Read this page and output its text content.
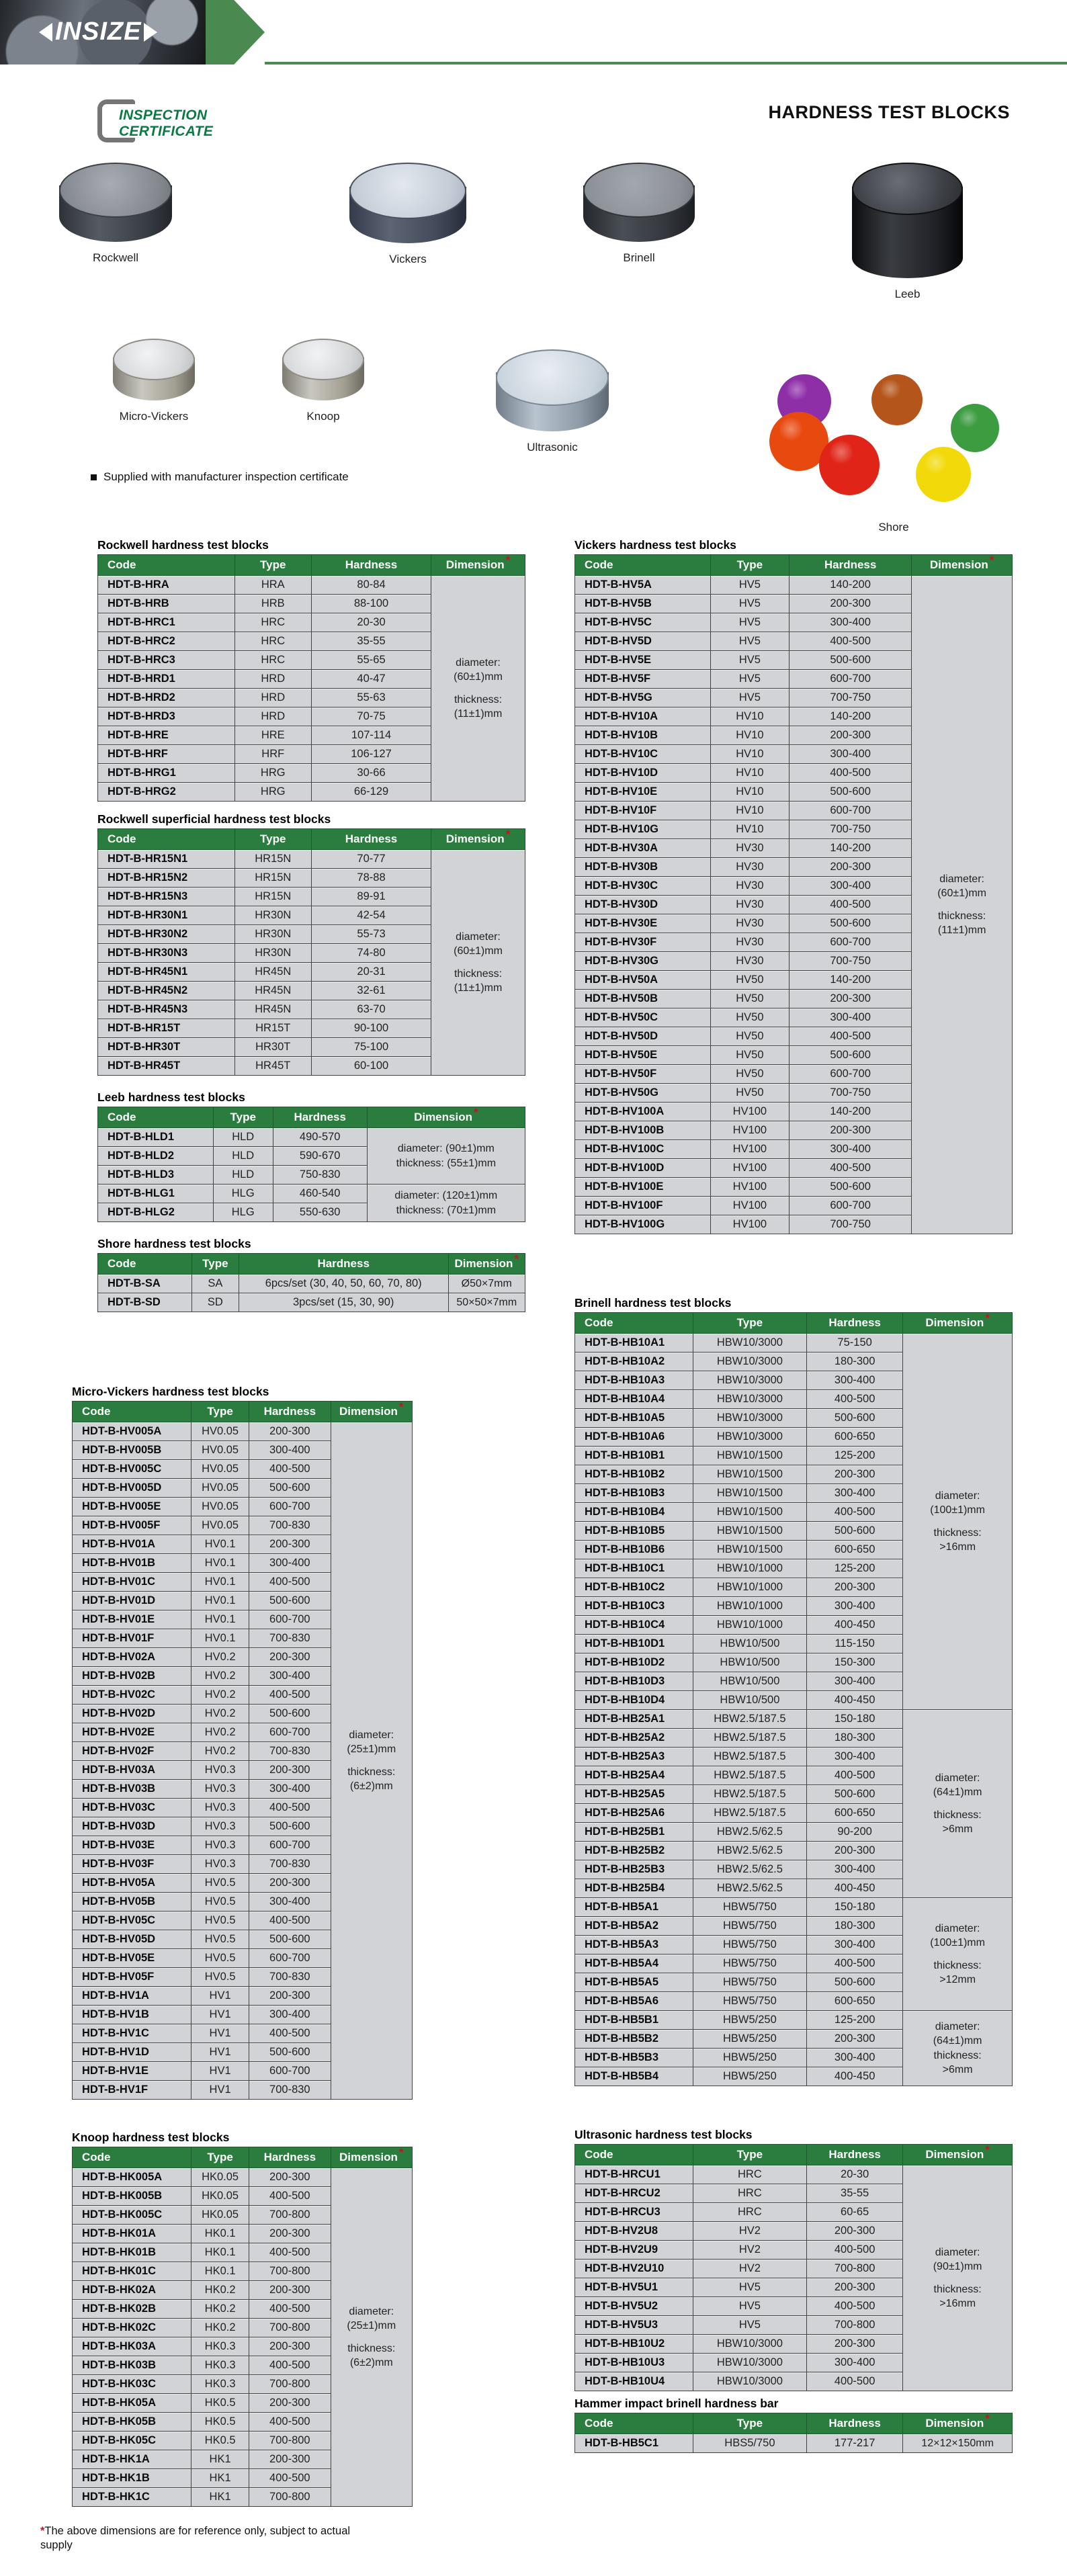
INSIZE
INSPECTION
CERTIFICATE
HARDNESS TEST BLOCKS
Rockwell	Vickers	Brinell
Leeb
Micro-Vickers	Knoop
Ultrasonic
Shore
Supplied with manufacturer inspection certificate
Rockwell hardness test blocks
Code	Type	Hardness	Dimension *
HDT-B-HRA	HRA	80-84	diameter:
(60±1)mm
thickness:
(11±1)mm

HDT-B-HRB	HRB	88-100	
HDT-B-HRC1	HRC	20-30	
HDT-B-HRC2	HRC	35-55	
HDT-B-HRC3	HRC	55-65	
HDT-B-HRD1	HRD	40-47	
HDT-B-HRD2	HRD	55-63	
HDT-B-HRD3	HRD	70-75	
HDT-B-HRE	HRE	107-114	
HDT-B-HRF	HRF	106-127	
HDT-B-HRG1	HRG	30-66	
HDT-B-HRG2	HRG	66-129	
Rockwell superficial hardness test blocks
Code	Type	Hardness	Dimension *
HDT-B-HR15N1	HR15N	70-77	diameter:
(60±1)mm
thickness:
(11±1)mm

HDT-B-HR15N2	HR15N	78-88	
HDT-B-HR15N3	HR15N	89-91	
HDT-B-HR30N1	HR30N	42-54	
HDT-B-HR30N2	HR30N	55-73	
HDT-B-HR30N3	HR30N	74-80	
HDT-B-HR45N1	HR45N	20-31	
HDT-B-HR45N2	HR45N	32-61	
HDT-B-HR45N3	HR45N	63-70	
HDT-B-HR15T	HR15T	90-100	
HDT-B-HR30T	HR30T	75-100	
HDT-B-HR45T	HR45T	60-100	
Leeb hardness test blocks
Code	Type	Hardness	Dimension *
HDT-B-HLD1	HLD	490-570	diameter: (90±1)mm
thickness: (55±1)mm

HDT-B-HLD2	HLD	590-670	
HDT-B-HLD3	HLD	750-830	
HDT-B-HLG1	HLG	460-540	diameter: (120±1)mm
thickness: (70±1)mm

HDT-B-HLG2	HLG	550-630	
Shore hardness test blocks
Code	Type	Hardness	Dimension *
HDT-B-SA	SA	6pcs/set (30, 40, 50, 60, 70, 80)	Ø50×7mm

HDT-B-SD	SD	3pcs/set (15, 30, 90)	50×50×7mm
Micro-Vickers hardness test blocks
Code	Type	Hardness	Dimension *
HDT-B-HV005A	HV0.05	200-300	diameter:
(25±1)mm
thickness:
(6±2)mm

HDT-B-HV005B	HV0.05	300-400	
HDT-B-HV005C	HV0.05	400-500	
HDT-B-HV005D	HV0.05	500-600	
HDT-B-HV005E	HV0.05	600-700	
HDT-B-HV005F	HV0.05	700-830	
HDT-B-HV01A	HV0.1	200-300	
HDT-B-HV01B	HV0.1	300-400	
HDT-B-HV01C	HV0.1	400-500	
HDT-B-HV01D	HV0.1	500-600	
HDT-B-HV01E	HV0.1	600-700	
HDT-B-HV01F	HV0.1	700-830	
HDT-B-HV02A	HV0.2	200-300	
HDT-B-HV02B	HV0.2	300-400	
HDT-B-HV02C	HV0.2	400-500	
HDT-B-HV02D	HV0.2	500-600	
HDT-B-HV02E	HV0.2	600-700	
HDT-B-HV02F	HV0.2	700-830	
HDT-B-HV03A	HV0.3	200-300	
HDT-B-HV03B	HV0.3	300-400	
HDT-B-HV03C	HV0.3	400-500	
HDT-B-HV03D	HV0.3	500-600	
HDT-B-HV03E	HV0.3	600-700	
HDT-B-HV03F	HV0.3	700-830	
HDT-B-HV05A	HV0.5	200-300	
HDT-B-HV05B	HV0.5	300-400	
HDT-B-HV05C	HV0.5	400-500	
HDT-B-HV05D	HV0.5	500-600	
HDT-B-HV05E	HV0.5	600-700	
HDT-B-HV05F	HV0.5	700-830	
HDT-B-HV1A	HV1	200-300	
HDT-B-HV1B	HV1	300-400	
HDT-B-HV1C	HV1	400-500	
HDT-B-HV1D	HV1	500-600	
HDT-B-HV1E	HV1	600-700	
HDT-B-HV1F	HV1	700-830	
Knoop hardness test blocks
Code	Type	Hardness	Dimension *
HDT-B-HK005A	HK0.05	200-300	diameter:
(25±1)mm
thickness:
(6±2)mm

HDT-B-HK005B	HK0.05	400-500	
HDT-B-HK005C	HK0.05	700-800	
HDT-B-HK01A	HK0.1	200-300	
HDT-B-HK01B	HK0.1	400-500	
HDT-B-HK01C	HK0.1	700-800	
HDT-B-HK02A	HK0.2	200-300	
HDT-B-HK02B	HK0.2	400-500	
HDT-B-HK02C	HK0.2	700-800	
HDT-B-HK03A	HK0.3	200-300	
HDT-B-HK03B	HK0.3	400-500	
HDT-B-HK03C	HK0.3	700-800	
HDT-B-HK05A	HK0.5	200-300	
HDT-B-HK05B	HK0.5	400-500	
HDT-B-HK05C	HK0.5	700-800	
HDT-B-HK1A	HK1	200-300	
HDT-B-HK1B	HK1	400-500	
HDT-B-HK1C	HK1	700-800	
Vickers hardness test blocks
Code	Type	Hardness	Dimension *
HDT-B-HV5A	HV5	140-200	diameter:
(60±1)mm
thickness:
(11±1)mm

HDT-B-HV5B	HV5	200-300	
HDT-B-HV5C	HV5	300-400	
HDT-B-HV5D	HV5	400-500	
HDT-B-HV5E	HV5	500-600	
HDT-B-HV5F	HV5	600-700	
HDT-B-HV5G	HV5	700-750	
HDT-B-HV10A	HV10	140-200	
HDT-B-HV10B	HV10	200-300	
HDT-B-HV10C	HV10	300-400	
HDT-B-HV10D	HV10	400-500	
HDT-B-HV10E	HV10	500-600	
HDT-B-HV10F	HV10	600-700	
HDT-B-HV10G	HV10	700-750	
HDT-B-HV30A	HV30	140-200	
HDT-B-HV30B	HV30	200-300	
HDT-B-HV30C	HV30	300-400	
HDT-B-HV30D	HV30	400-500	
HDT-B-HV30E	HV30	500-600	
HDT-B-HV30F	HV30	600-700	
HDT-B-HV30G	HV30	700-750	
HDT-B-HV50A	HV50	140-200	
HDT-B-HV50B	HV50	200-300	
HDT-B-HV50C	HV50	300-400	
HDT-B-HV50D	HV50	400-500	
HDT-B-HV50E	HV50	500-600	
HDT-B-HV50F	HV50	600-700	
HDT-B-HV50G	HV50	700-750	
HDT-B-HV100A	HV100	140-200	
HDT-B-HV100B	HV100	200-300	
HDT-B-HV100C	HV100	300-400	
HDT-B-HV100D	HV100	400-500	
HDT-B-HV100E	HV100	500-600	
HDT-B-HV100F	HV100	600-700	
HDT-B-HV100G	HV100	700-750	
Brinell hardness test blocks
Code	Type	Hardness	Dimension *
HDT-B-HB10A1	HBW10/3000	75-150	diameter:
(100±1)mm
thickness:
>16mm

HDT-B-HB10A2	HBW10/3000	180-300	
HDT-B-HB10A3	HBW10/3000	300-400	
HDT-B-HB10A4	HBW10/3000	400-500	
HDT-B-HB10A5	HBW10/3000	500-600	
HDT-B-HB10A6	HBW10/3000	600-650	
HDT-B-HB10B1	HBW10/1500	125-200	
HDT-B-HB10B2	HBW10/1500	200-300	
HDT-B-HB10B3	HBW10/1500	300-400	
HDT-B-HB10B4	HBW10/1500	400-500	
HDT-B-HB10B5	HBW10/1500	500-600	
HDT-B-HB10B6	HBW10/1500	600-650	
HDT-B-HB10C1	HBW10/1000	125-200	
HDT-B-HB10C2	HBW10/1000	200-300	
HDT-B-HB10C3	HBW10/1000	300-400	
HDT-B-HB10C4	HBW10/1000	400-450	
HDT-B-HB10D1	HBW10/500	115-150	
HDT-B-HB10D2	HBW10/500	150-300	
HDT-B-HB10D3	HBW10/500	300-400	
HDT-B-HB10D4	HBW10/500	400-450	
HDT-B-HB25A1	HBW2.5/187.5	150-180	diameter:
(64±1)mm
thickness:
>6mm

HDT-B-HB25A2	HBW2.5/187.5	180-300	
HDT-B-HB25A3	HBW2.5/187.5	300-400	
HDT-B-HB25A4	HBW2.5/187.5	400-500	
HDT-B-HB25A5	HBW2.5/187.5	500-600	
HDT-B-HB25A6	HBW2.5/187.5	600-650	
HDT-B-HB25B1	HBW2.5/62.5	90-200	
HDT-B-HB25B2	HBW2.5/62.5	200-300	
HDT-B-HB25B3	HBW2.5/62.5	300-400	
HDT-B-HB25B4	HBW2.5/62.5	400-450	
HDT-B-HB5A1	HBW5/750	150-180	diameter:
(100±1)mm
thickness:
>12mm

HDT-B-HB5A2	HBW5/750	180-300	
HDT-B-HB5A3	HBW5/750	300-400	
HDT-B-HB5A4	HBW5/750	400-500	
HDT-B-HB5A5	HBW5/750	500-600	
HDT-B-HB5A6	HBW5/750	600-650	
HDT-B-HB5B1	HBW5/250	125-200	diameter:
(64±1)mm
thickness:
>6mm

HDT-B-HB5B2	HBW5/250	200-300	
HDT-B-HB5B3	HBW5/250	300-400	
HDT-B-HB5B4	HBW5/250	400-450	
Ultrasonic hardness test blocks
Code	Type	Hardness	Dimension *
HDT-B-HRCU1	HRC	20-30	diameter:
(90±1)mm
thickness:
>16mm

HDT-B-HRCU2	HRC	35-55	
HDT-B-HRCU3	HRC	60-65	
HDT-B-HV2U8	HV2	200-300	
HDT-B-HV2U9	HV2	400-500	
HDT-B-HV2U10	HV2	700-800	
HDT-B-HV5U1	HV5	200-300	
HDT-B-HV5U2	HV5	400-500	
HDT-B-HV5U3	HV5	700-800	
HDT-B-HB10U2	HBW10/3000	200-300	
HDT-B-HB10U3	HBW10/3000	300-400	
HDT-B-HB10U4	HBW10/3000	400-500	
Hammer impact brinell hardness bar
Code	Type	Hardness	Dimension *
HDT-B-HB5C1	HBS5/750	177-217	12×12×150mm
*The above dimensions are for reference only, subject to actual supply
